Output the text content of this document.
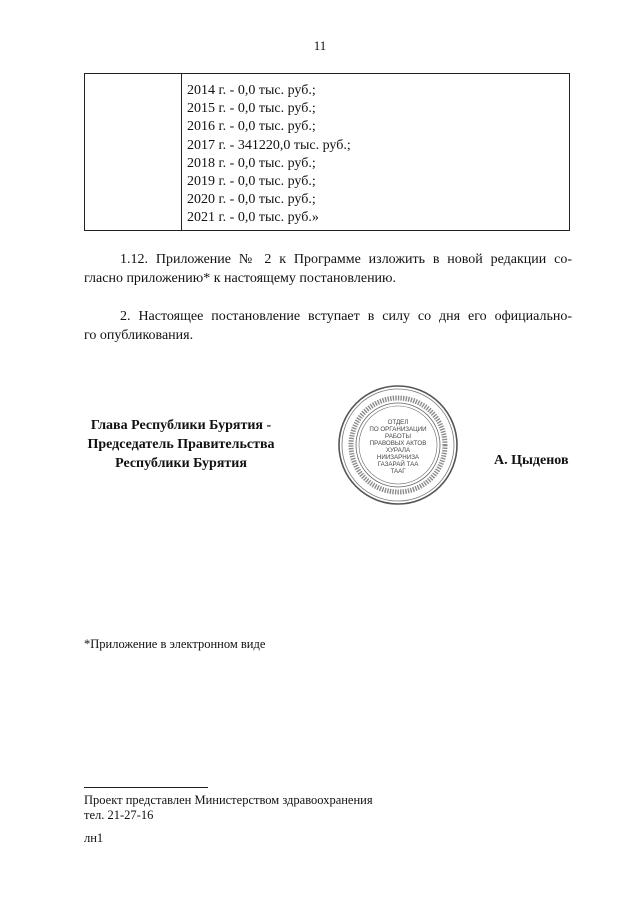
11
2014 г. - 0,0 тыс. руб.;
2015 г. - 0,0 тыс. руб.;
2016 г. - 0,0 тыс. руб.;
2017 г. - 341220,0 тыс. руб.;
2018 г. - 0,0 тыс. руб.;
2019 г. - 0,0 тыс. руб.;
2020 г. - 0,0 тыс. руб.;
2021 г. - 0,0 тыс. руб.»
1.12. Приложение № 2 к Программе изложить в новой редакции со-
гласно приложению* к настоящему постановлению.
2. Настоящее постановление вступает в силу со дня его официально-
го опубликования.
Глава Республики Бурятия -
Председатель Правительства
Республики Бурятия
ОТДЕЛ
ПО ОРГАНИЗАЦИИ
РАБОТЫ
ПРАВОВЫХ АКТОВ
ХУРАЛА
НИИЗАРНИЗА
ГАЗАРАЙ ТАА
ТААГ
А. Цыденов
*Приложение в электронном виде
Проект представлен Министерством здравоохранения
тел. 21-27-16
лн1
